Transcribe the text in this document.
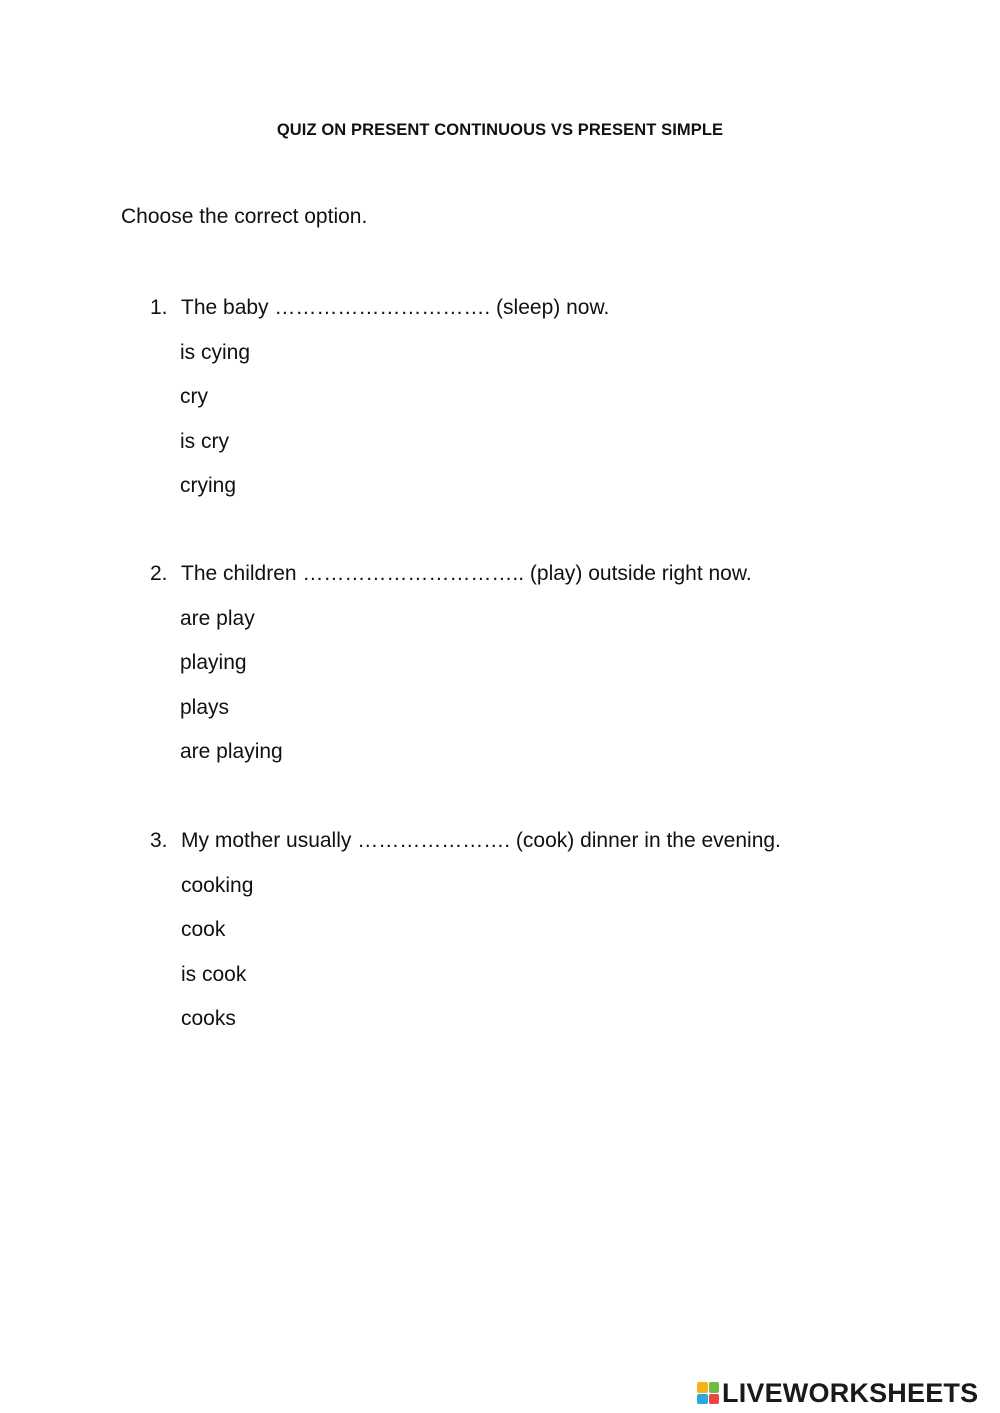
QUIZ ON PRESENT CONTINUOUS VS PRESENT SIMPLE
Choose the correct option.
1. The baby …………………………. (sleep) now.
is cying
cry
is cry
crying
2. The children ………………………….. (play) outside right now.
are play
playing
plays
are playing
3. My mother usually …………………. (cook) dinner in the evening.
cooking
cook
is cook
cooks
LIVEWORKSHEETS
